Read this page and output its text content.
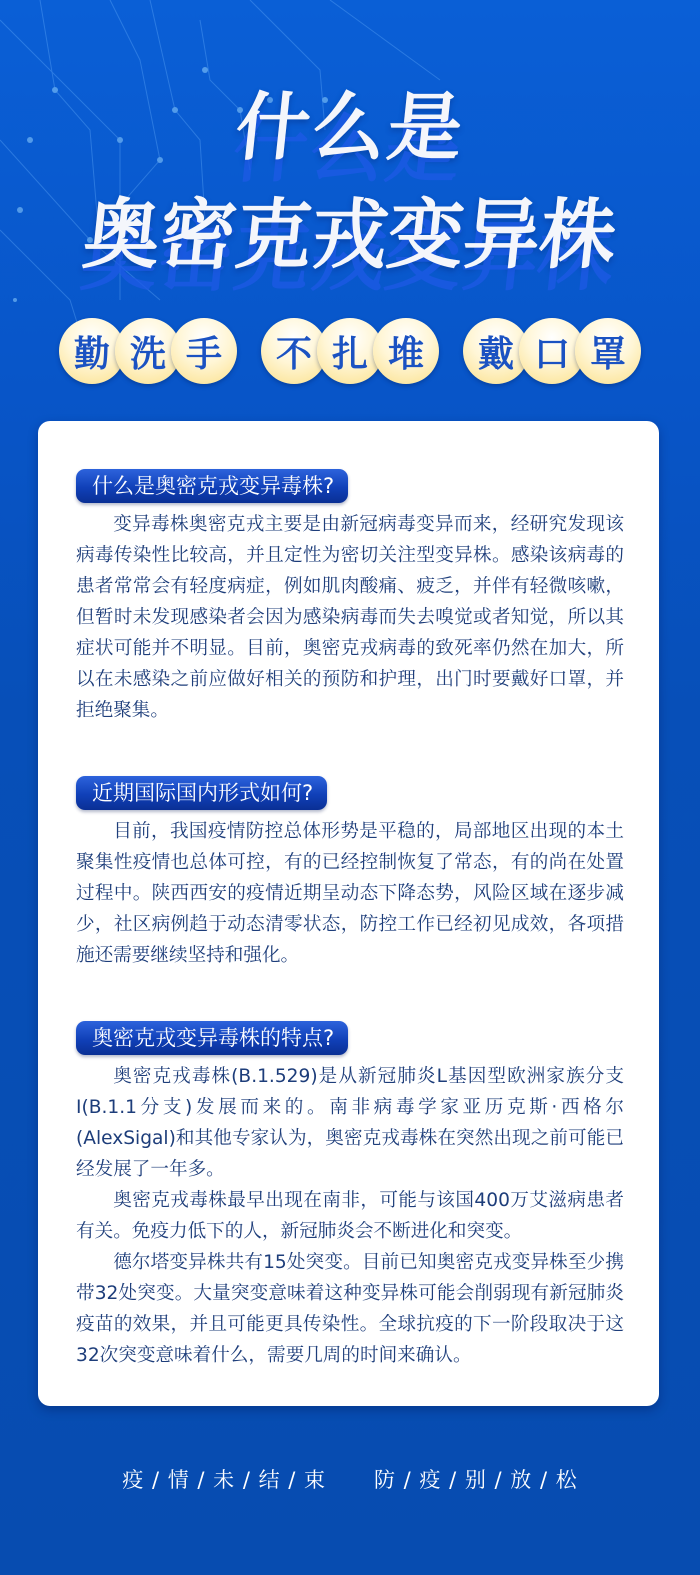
什么是
奥密克戎变异株
勤 洗 手	不 扎 堆	戴 口 罩
什么是奥密克戎变异毒株?

变异毒株奥密克戎主要是由新冠病毒变异而来，经研究发现该病毒传染性比较高，并且定性为密切关注型变异株。感染该病毒的患者常常会有轻度病症，例如肌肉酸痛、疲乏，并伴有轻微咳嗽，但暂时未发现感染者会因为感染病毒而失去嗅觉或者知觉，所以其症状可能并不明显。目前，奥密克戎病毒的致死率仍然在加大，所以在未感染之前应做好相关的预防和护理，出门时要戴好口罩，并拒绝聚集。

近期国际国内形式如何?

目前，我国疫情防控总体形势是平稳的，局部地区出现的本土聚集性疫情也总体可控，有的已经控制恢复了常态，有的尚在处置过程中。陕西西安的疫情近期呈动态下降态势，风险区域在逐步减少，社区病例趋于动态清零状态，防控工作已经初见成效，各项措施还需要继续坚持和强化。

奥密克戎变异毒株的特点?

奥密克戎毒株(B.1.529)是从新冠肺炎L基因型欧洲家族分支I(B.1.1分支)发展而来的。南非病毒学家亚历克斯·西格尔(AlexSigal)和其他专家认为，奥密克戎毒株在突然出现之前可能已经发展了一年多。

奥密克戎毒株最早出现在南非，可能与该国400万艾滋病患者有关。免疫力低下的人，新冠肺炎会不断进化和突变。

德尔塔变异株共有15处突变。目前已知奥密克戎变异株至少携带32处突变。大量突变意味着这种变异株可能会削弱现有新冠肺炎疫苗的效果，并且可能更具传染性。全球抗疫的下一阶段取决于这32次突变意味着什么，需要几周的时间来确认。

疫 / 情 / 未 / 结 / 束 防 / 疫 / 别 / 放 / 松
